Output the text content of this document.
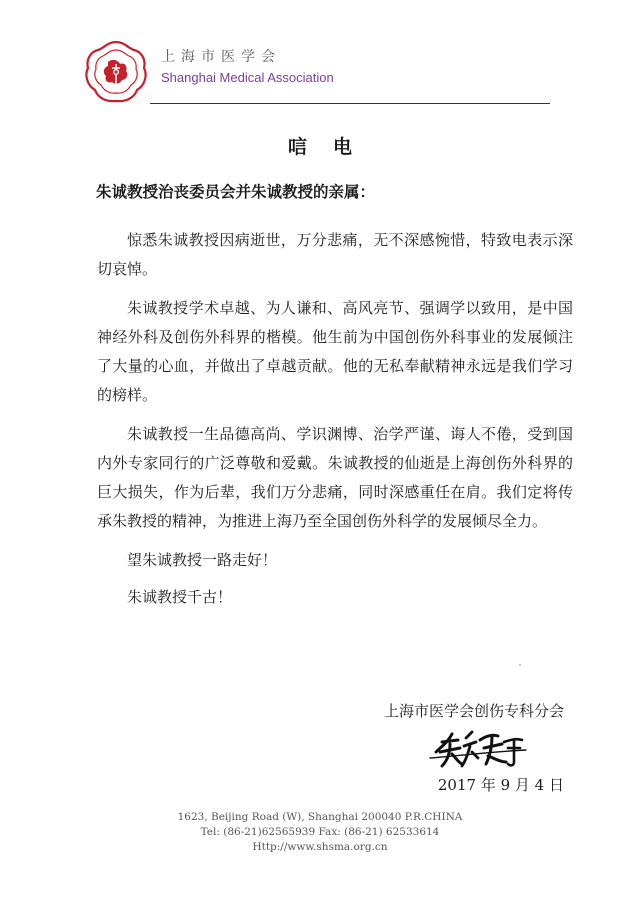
上海市医学会
Shanghai Medical Association
唁电
朱诚教授治丧委员会并朱诚教授的亲属：

惊悉朱诚教授因病逝世，万分悲痛，无不深感惋惜，特致电表示深切哀悼。

朱诚教授学术卓越、为人谦和、高风亮节、强调学以致用，是中国神经外科及创伤外科界的楷模。他生前为中国创伤外科事业的发展倾注了大量的心血，并做出了卓越贡献。他的无私奉献精神永远是我们学习的榜样。

朱诚教授一生品德高尚、学识渊博、治学严谨、诲人不倦，受到国内外专家同行的广泛尊敬和爱戴。朱诚教授的仙逝是上海创伤外科界的巨大损失，作为后辈，我们万分悲痛，同时深感重任在肩。我们定将传承朱教授的精神，为推进上海乃至全国创伤外科学的发展倾尽全力。

望朱诚教授一路走好！

朱诚教授千古！

上海市医学会创伤专科分会
2017 年 9 月 4 日
1623, Beijing Road (W), Shanghai 200040 P.R.CHINA
Tel: (86-21)62565939 Fax: (86-21) 62533614
Http://www.shsma.org.cn
